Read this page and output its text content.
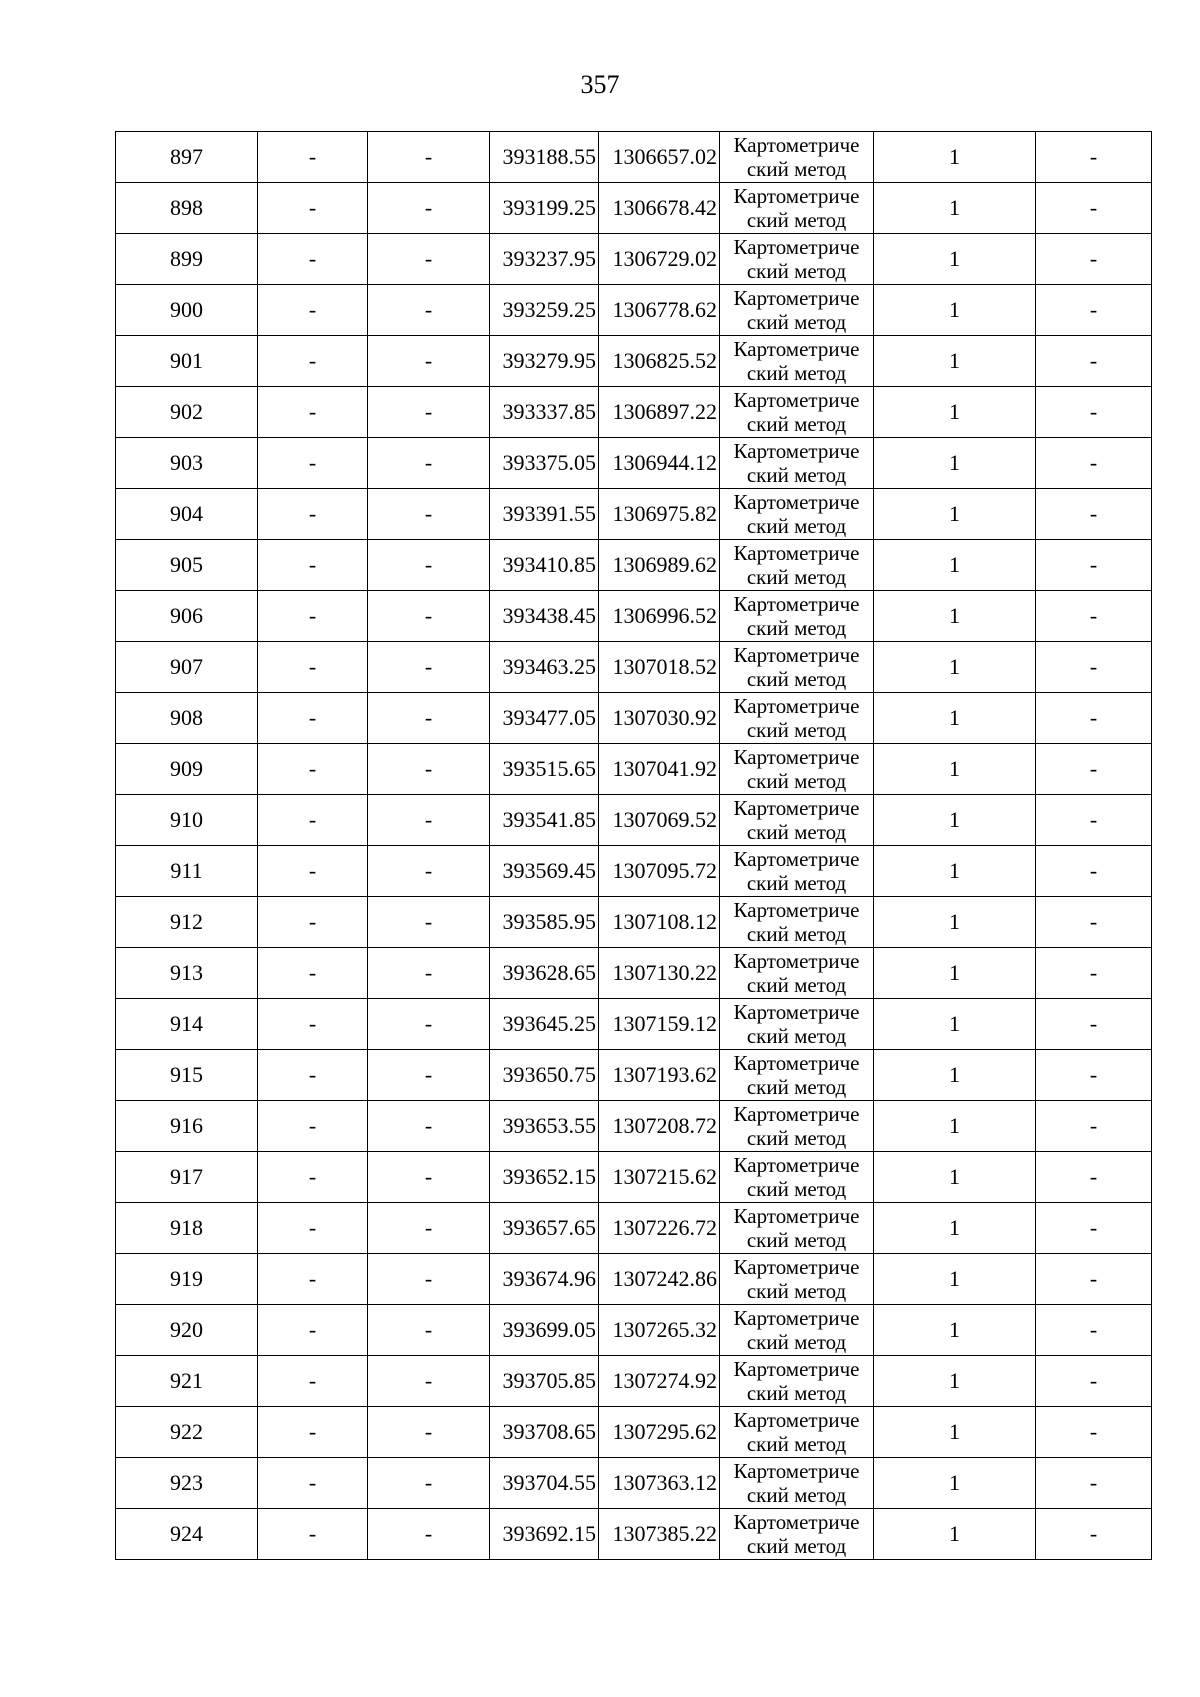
357
897	-	-	393188.55	1306657.02	Картометриче
ский метод	1	-
898	-	-	393199.25	1306678.42	Картометриче
ский метод	1	-
899	-	-	393237.95	1306729.02	Картометриче
ский метод	1	-
900	-	-	393259.25	1306778.62	Картометриче
ский метод	1	-
901	-	-	393279.95	1306825.52	Картометриче
ский метод	1	-
902	-	-	393337.85	1306897.22	Картометриче
ский метод	1	-
903	-	-	393375.05	1306944.12	Картометриче
ский метод	1	-
904	-	-	393391.55	1306975.82	Картометриче
ский метод	1	-
905	-	-	393410.85	1306989.62	Картометриче
ский метод	1	-
906	-	-	393438.45	1306996.52	Картометриче
ский метод	1	-
907	-	-	393463.25	1307018.52	Картометриче
ский метод	1	-
908	-	-	393477.05	1307030.92	Картометриче
ский метод	1	-
909	-	-	393515.65	1307041.92	Картометриче
ский метод	1	-
910	-	-	393541.85	1307069.52	Картометриче
ский метод	1	-
911	-	-	393569.45	1307095.72	Картометриче
ский метод	1	-
912	-	-	393585.95	1307108.12	Картометриче
ский метод	1	-
913	-	-	393628.65	1307130.22	Картометриче
ский метод	1	-
914	-	-	393645.25	1307159.12	Картометриче
ский метод	1	-
915	-	-	393650.75	1307193.62	Картометриче
ский метод	1	-
916	-	-	393653.55	1307208.72	Картометриче
ский метод	1	-
917	-	-	393652.15	1307215.62	Картометриче
ский метод	1	-
918	-	-	393657.65	1307226.72	Картометриче
ский метод	1	-
919	-	-	393674.96	1307242.86	Картометриче
ский метод	1	-
920	-	-	393699.05	1307265.32	Картометриче
ский метод	1	-
921	-	-	393705.85	1307274.92	Картометриче
ский метод	1	-
922	-	-	393708.65	1307295.62	Картометриче
ский метод	1	-
923	-	-	393704.55	1307363.12	Картометриче
ский метод	1	-
924	-	-	393692.15	1307385.22	Картометриче
ский метод	1	-
